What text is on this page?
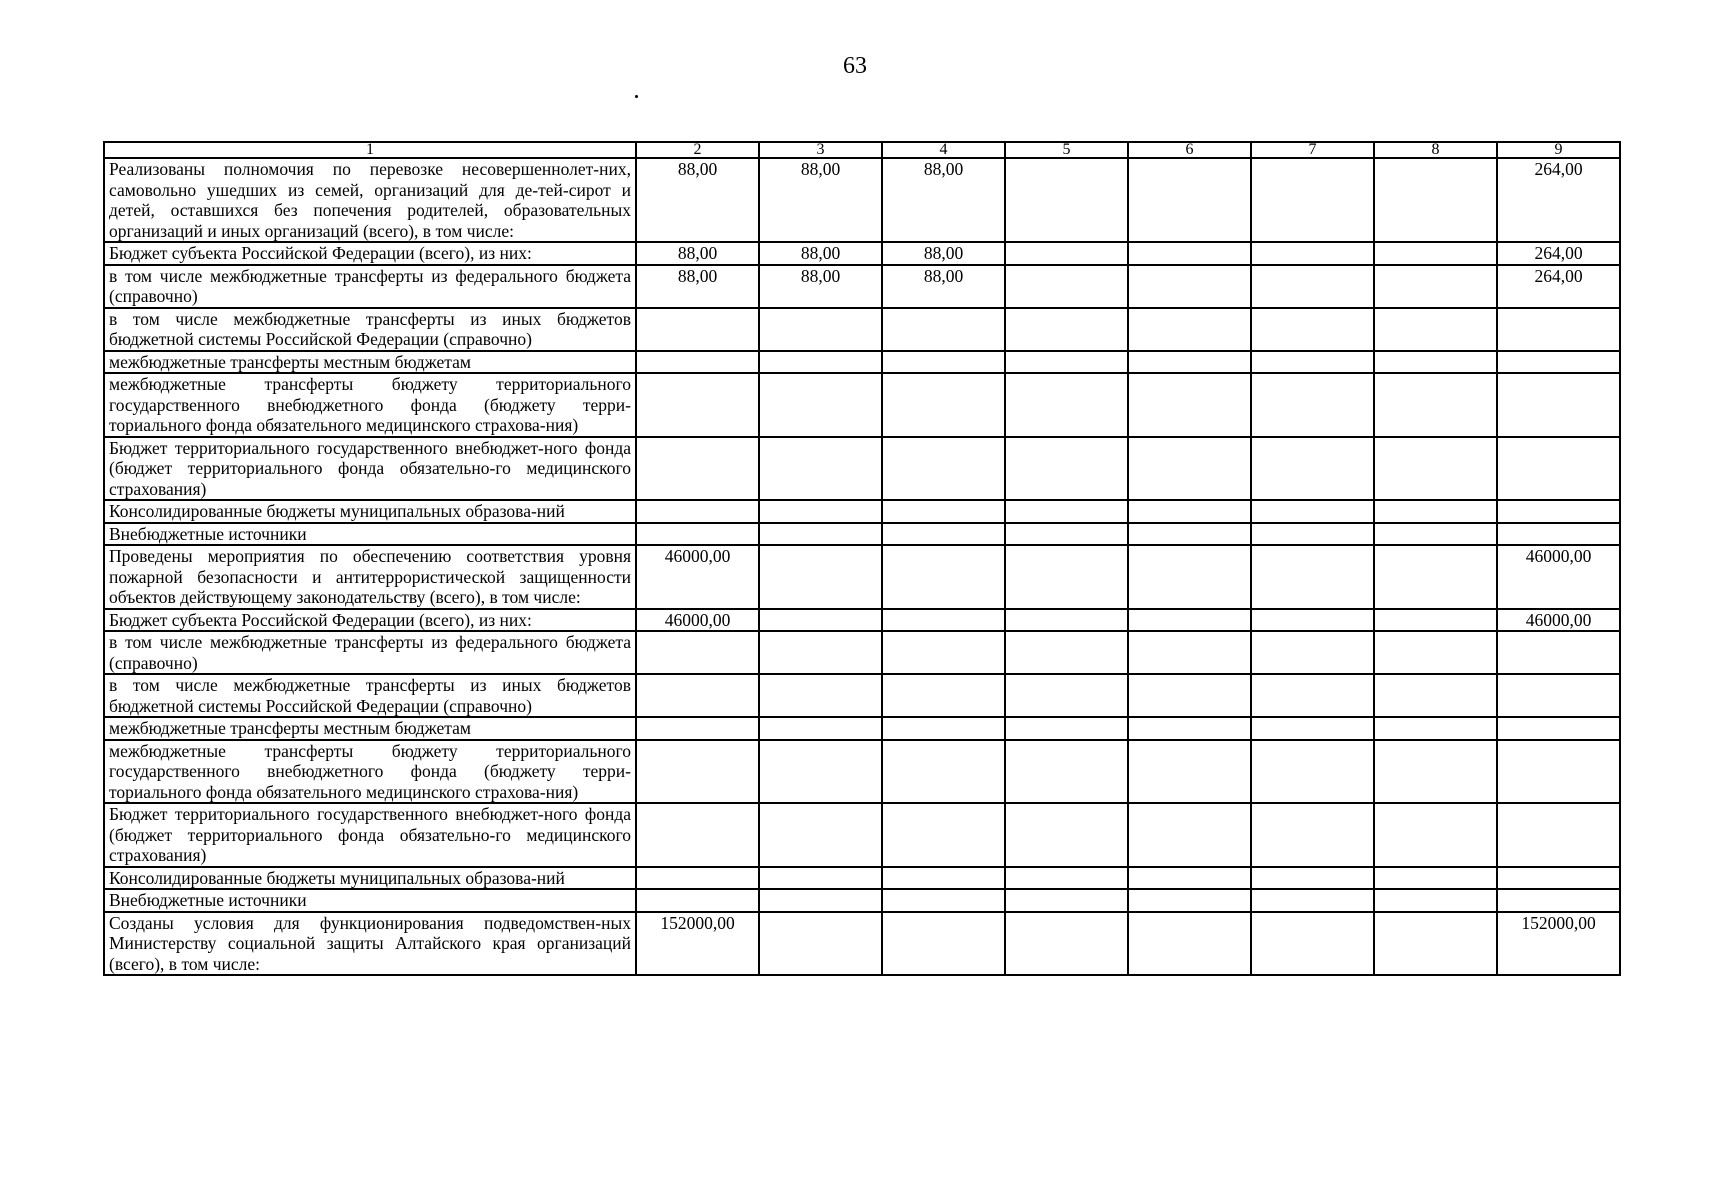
63
1	2	3	4	5	6	7	8	9
Реализованы полномочия по перевозке несовершеннолет-них, самовольно ушедших из семей, организаций для де-тей-сирот и детей, оставшихся без попечения родителей, образовательных организаций и иных организаций (всего), в том числе:	88,00	88,00	88,00					264,00
Бюджет субъекта Российской Федерации (всего), из них:	88,00	88,00	88,00					264,00
в том числе межбюджетные трансферты из федерального бюджета (справочно)	88,00	88,00	88,00					264,00
в том числе межбюджетные трансферты из иных бюджетов бюджетной системы Российской Федерации (справочно)								
межбюджетные трансферты местным бюджетам								
межбюджетные трансферты бюджету территориального государственного внебюджетного фонда (бюджету терри-ториального фонда обязательного медицинского страхова-ния)								
Бюджет территориального государственного внебюджет-ного фонда (бюджет территориального фонда обязательно-го медицинского страхования)								
Консолидированные бюджеты муниципальных образова-ний								
Внебюджетные источники								
Проведены мероприятия по обеспечению соответствия уровня пожарной безопасности и антитеррористической защищенности объектов действующему законодательству (всего), в том числе:	46000,00							46000,00
Бюджет субъекта Российской Федерации (всего), из них:	46000,00							46000,00
в том числе межбюджетные трансферты из федерального бюджета (справочно)								
в том числе межбюджетные трансферты из иных бюджетов бюджетной системы Российской Федерации (справочно)								
межбюджетные трансферты местным бюджетам								
межбюджетные трансферты бюджету территориального государственного внебюджетного фонда (бюджету терри-ториального фонда обязательного медицинского страхова-ния)								
Бюджет территориального государственного внебюджет-ного фонда (бюджет территориального фонда обязательно-го медицинского страхования)								
Консолидированные бюджеты муниципальных образова-ний								
Внебюджетные источники								
Созданы условия для функционирования подведомствен-ных Министерству социальной защиты Алтайского края организаций (всего), в том числе:	152000,00							152000,00
